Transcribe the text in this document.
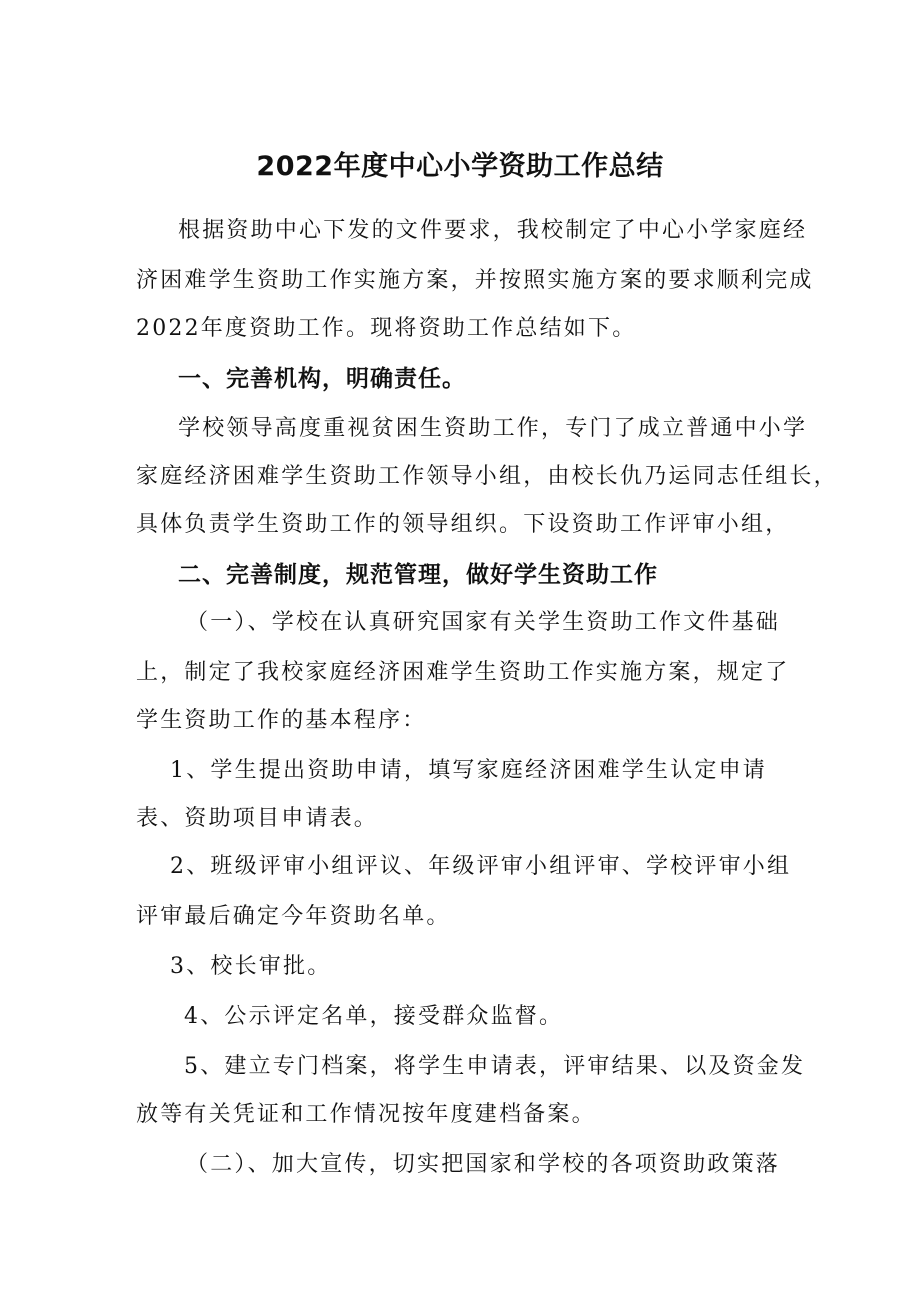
2022年度中心小学资助工作总结
根据资助中心下发的文件要求，我校制定了中心小学家庭经
济困难学生资助工作实施方案，并按照实施方案的要求顺利完成
2022年度资助工作。现将资助工作总结如下。
一、完善机构，明确责任。
学校领导高度重视贫困生资助工作，专门了成立普通中小学
家庭经济困难学生资助工作领导小组，由校长仇乃运同志任组长，
具体负责学生资助工作的领导组织。下设资助工作评审小组，
二、完善制度，规范管理，做好学生资助工作
（一）、学校在认真研究国家有关学生资助工作文件基础
上，制定了我校家庭经济困难学生资助工作实施方案，规定了
学生资助工作的基本程序：
1、学生提出资助申请，填写家庭经济困难学生认定申请
表、资助项目申请表。
2、班级评审小组评议、年级评审小组评审、学校评审小组
评审最后确定今年资助名单。
3、校长审批。
4、公示评定名单，接受群众监督。
5、建立专门档案，将学生申请表，评审结果、以及资金发
放等有关凭证和工作情况按年度建档备案。
（二）、加大宣传，切实把国家和学校的各项资助政策落
